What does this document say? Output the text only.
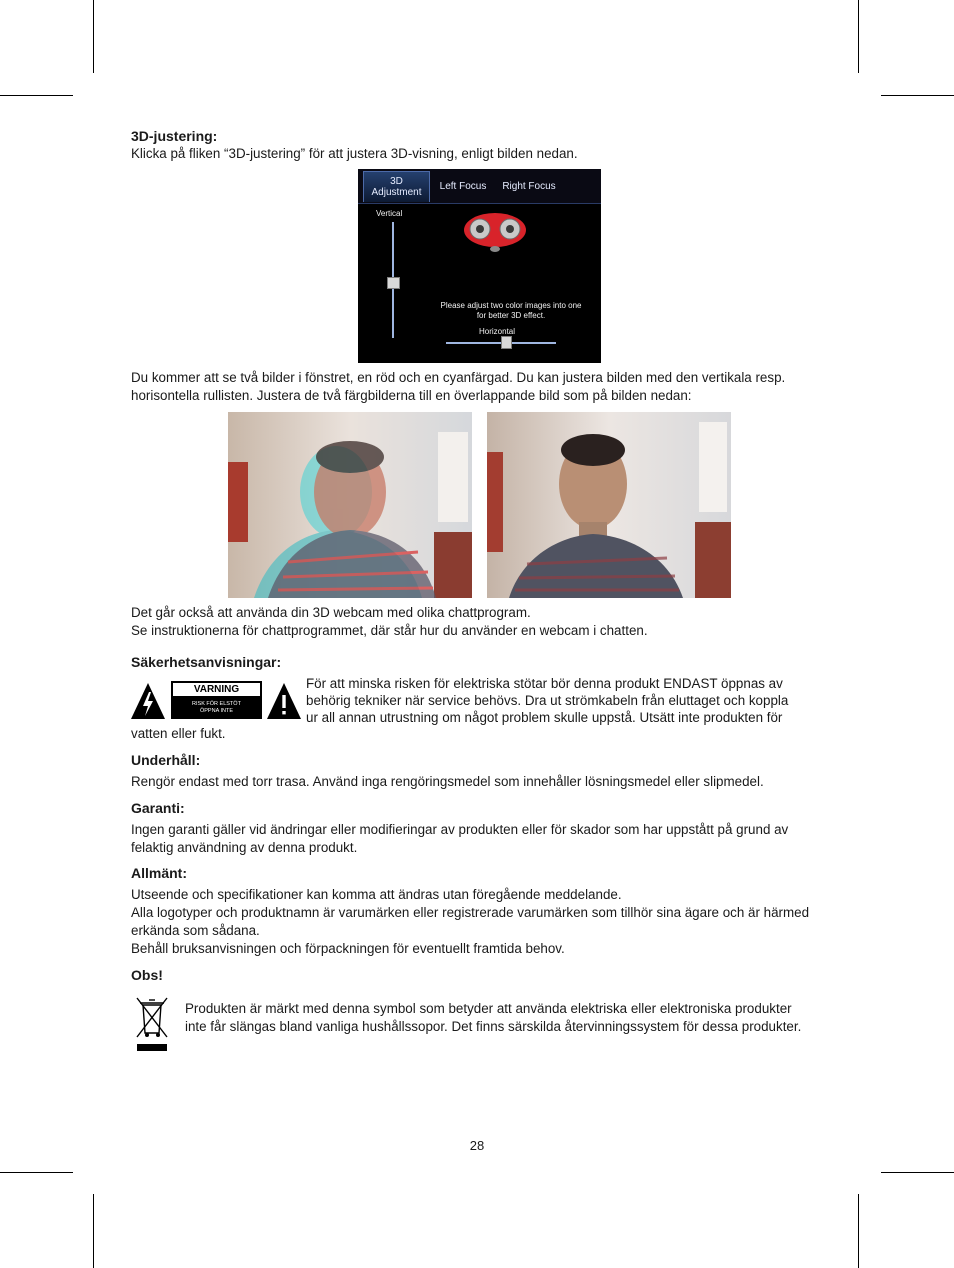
3D-justering:
Klicka på fliken “3D-justering” för att justera 3D-visning, enligt bilden nedan.
3D
Adjustment
Left Focus	Right Focus
Vertical
Please adjust two color images into one
for better 3D effect.
Horizontal
Du kommer att se två bilder i fönstret, en röd och en cyanfärgad. Du kan justera bilden med den vertikala resp. horisontella rullisten. Justera de två färgbilderna till en överlappande bild som på bilden nedan:
Det går också att använda din 3D webcam med olika chattprogram.
Se instruktionerna för chattprogrammet, där står hur du använder en webcam i chatten.
Säkerhetsanvisningar:
VARNING
RISK FÖR ELSTÖT
ÖPPNA INTE
För att minska risken för elektriska stötar bör denna produkt ENDAST öppnas av
behörig tekniker när service behövs. Dra ut strömkabeln från eluttaget och koppla
ur all annan utrustning om något problem skulle uppstå. Utsätt inte produkten för
vatten eller fukt.
Underhåll:
Rengör endast med torr trasa. Använd inga rengöringsmedel som innehåller lösningsmedel eller slipmedel.
Garanti:
Ingen garanti gäller vid ändringar eller modifieringar av produkten eller för skador som har uppstått på grund av felaktig användning av denna produkt.
Allmänt:
Utseende och specifikationer kan komma att ändras utan föregående meddelande.
Alla logotyper och produktnamn är varumärken eller registrerade varumärken som tillhör sina ägare och är härmed erkända som sådana.
Behåll bruksanvisningen och förpackningen för eventuellt framtida behov.
Obs!
Produkten är märkt med denna symbol som betyder att använda elektriska eller elektroniska produkter inte får slängas bland vanliga hushållssopor. Det finns särskilda återvinningssystem för dessa produkter.
28
